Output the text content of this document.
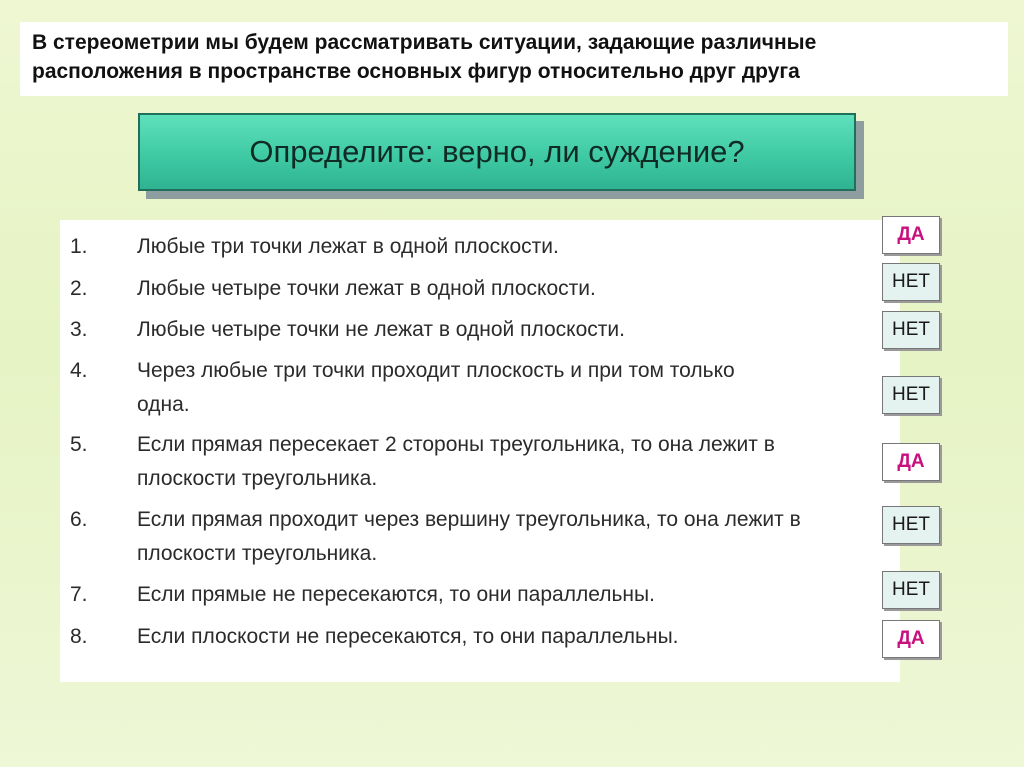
В стереометрии мы будем рассматривать ситуации, задающие различные
расположения в пространстве основных фигур относительно друг друга
Определите: верно, ли суждение?
1. Любые три точки лежат в одной плоскости.
2. Любые четыре точки лежат в одной плоскости.
3. Любые четыре точки не лежат в одной плоскости.
4. Через любые три точки проходит плоскость и при том только одна.
5. Если прямая пересекает 2 стороны треугольника, то она лежит в плоскости треугольника.
6. Если прямая проходит через вершину треугольника, то она лежит в плоскости треугольника.
7. Если прямые не пересекаются, то они параллельны.
8. Если плоскости не пересекаются, то они параллельны.
ДА
НЕТ
НЕТ
НЕТ
ДА
НЕТ
НЕТ
ДА
